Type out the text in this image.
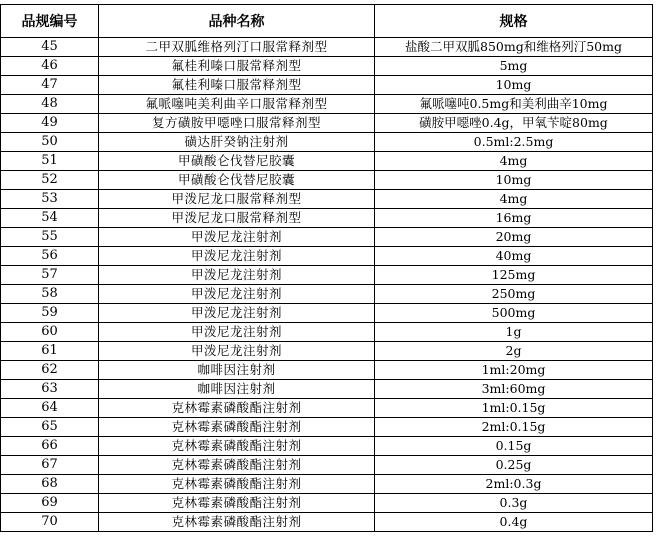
品规编号	品种名称	规格
45	二甲双胍维格列汀口服常释剂型	盐酸二甲双胍850mg和维格列汀50mg
46	氟桂利嗪口服常释剂型	5mg
47	氟桂利嗪口服常释剂型	10mg
48	氟哌噻吨美利曲辛口服常释剂型	氟哌噻吨0.5mg和美利曲辛10mg
49	复方磺胺甲噁唑口服常释剂型	磺胺甲噁唑0.4g，甲氧苄啶80mg
50	磺达肝癸钠注射剂	0.5ml:2.5mg
51	甲磺酸仑伐替尼胶囊	4mg
52	甲磺酸仑伐替尼胶囊	10mg
53	甲泼尼龙口服常释剂型	4mg
54	甲泼尼龙口服常释剂型	16mg
55	甲泼尼龙注射剂	20mg
56	甲泼尼龙注射剂	40mg
57	甲泼尼龙注射剂	125mg
58	甲泼尼龙注射剂	250mg
59	甲泼尼龙注射剂	500mg
60	甲泼尼龙注射剂	1g
61	甲泼尼龙注射剂	2g
62	咖啡因注射剂	1ml:20mg
63	咖啡因注射剂	3ml:60mg
64	克林霉素磷酸酯注射剂	1ml:0.15g
65	克林霉素磷酸酯注射剂	2ml:0.15g
66	克林霉素磷酸酯注射剂	0.15g
67	克林霉素磷酸酯注射剂	0.25g
68	克林霉素磷酸酯注射剂	2ml:0.3g
69	克林霉素磷酸酯注射剂	0.3g
70	克林霉素磷酸酯注射剂	0.4g
